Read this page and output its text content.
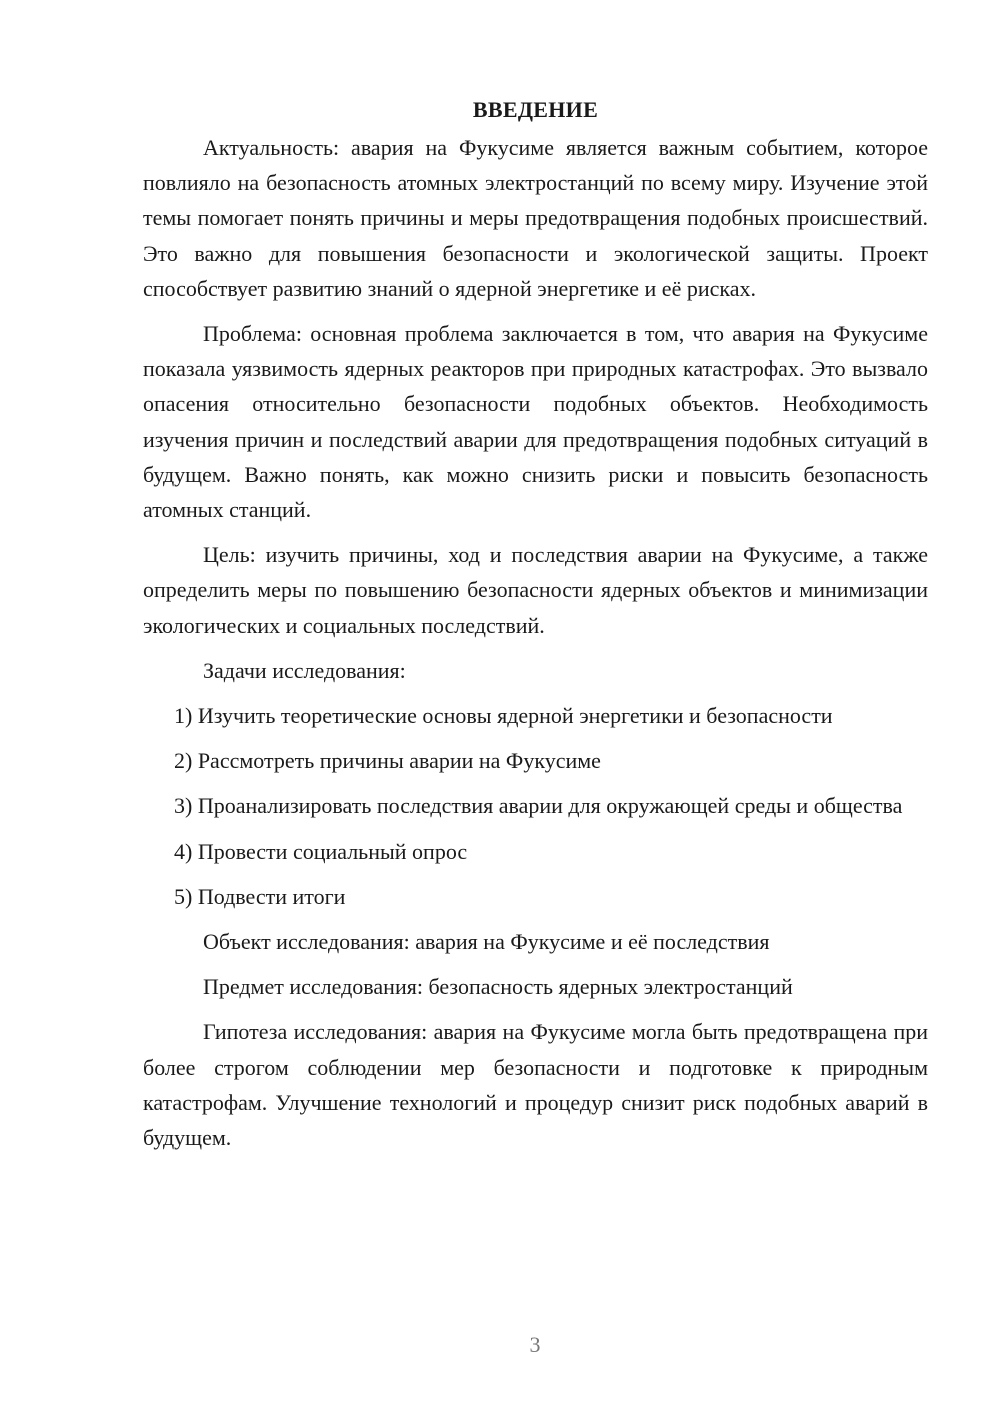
ВВЕДЕНИЕ

Актуальность: авария на Фукусиме является важным событием, которое повлияло на безопасность атомных электростанций по всему миру. Изучение этой темы помогает понять причины и меры предотвращения подобных происшествий. Это важно для повышения безопасности и экологической защиты. Проект способствует развитию знаний о ядерной энергетике и её рисках.

Проблема: основная проблема заключается в том, что авария на Фукусиме показала уязвимость ядерных реакторов при природных катастрофах. Это вызвало опасения относительно безопасности подобных объектов. Необходимость изучения причин и последствий аварии для предотвращения подобных ситуаций в будущем. Важно понять, как можно снизить риски и повысить безопасность атомных станций.

Цель: изучить причины, ход и последствия аварии на Фукусиме, а также определить меры по повышению безопасности ядерных объектов и минимизации экологических и социальных последствий.

Задачи исследования:

1) Изучить теоретические основы ядерной энергетики и безопасности

2) Рассмотреть причины аварии на Фукусиме

3) Проанализировать последствия аварии для окружающей среды и общества

4) Провести социальный опрос

5) Подвести итоги

Объект исследования: авария на Фукусиме и её последствия

Предмет исследования: безопасность ядерных электростанций

Гипотеза исследования: авария на Фукусиме могла быть предотвращена при более строгом соблюдении мер безопасности и подготовке к природным катастрофам. Улучшение технологий и процедур снизит риск подобных аварий в будущем.

3
